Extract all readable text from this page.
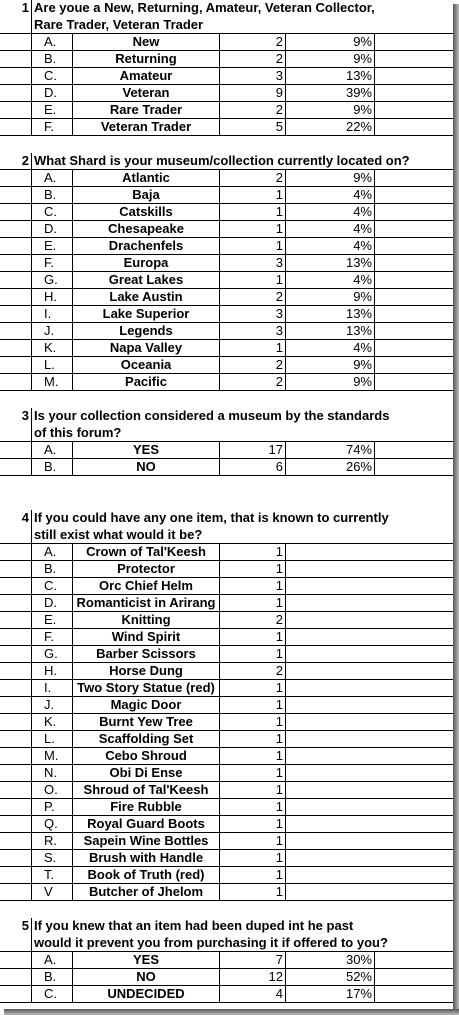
1 Are youe a New, Returning, Amateur, Veteran Collector,
Rare Trader, Veteran Trader
A.	New	2	9%
B.	Returning	2	9%
C.	Amateur	3	13%
D.	Veteran	9	39%
E.	Rare Trader	2	9%
F.	Veteran Trader	5	22%
2 What Shard is your museum/collection currently located on?
A.	Atlantic	2	9%
B.	Baja	1	4%
C.	Catskills	1	4%
D.	Chesapeake	1	4%
E.	Drachenfels	1	4%
F.	Europa	3	13%
G.	Great Lakes	1	4%
H.	Lake Austin	2	9%
I.	Lake Superior	3	13%
J.	Legends	3	13%
K.	Napa Valley	1	4%
L.	Oceania	2	9%
M.	Pacific	2	9%
3 Is your collection considered a museum by the standards
of this forum?
A.	YES	17	74%
B.	NO	6	26%
4 If you could have any one item, that is known to currently
still exist what would it be?
A.	Crown of Tal'Keesh	1
B.	Protector	1
C.	Orc Chief Helm	1
D.	Romanticist in Arirang	1
E.	Knitting	2
F.	Wind Spirit	1
G.	Barber Scissors	1
H.	Horse Dung	2
I.	Two Story Statue (red)	1
J.	Magic Door	1
K.	Burnt Yew Tree	1
L.	Scaffolding Set	1
M.	Cebo Shroud	1
N.	Obi Di Ense	1
O.	Shroud of Tal'Keesh	1
P.	Fire Rubble	1
Q.	Royal Guard Boots	1
R.	Sapein Wine Bottles	1
S.	Brush with Handle	1
T.	Book of Truth (red)	1
V	Butcher of Jhelom	1
5 If you knew that an item had been duped int he past
would it prevent you from purchasing it if offered to you?
A.	YES	7	30%
B.	NO	12	52%
C.	UNDECIDED	4	17%
